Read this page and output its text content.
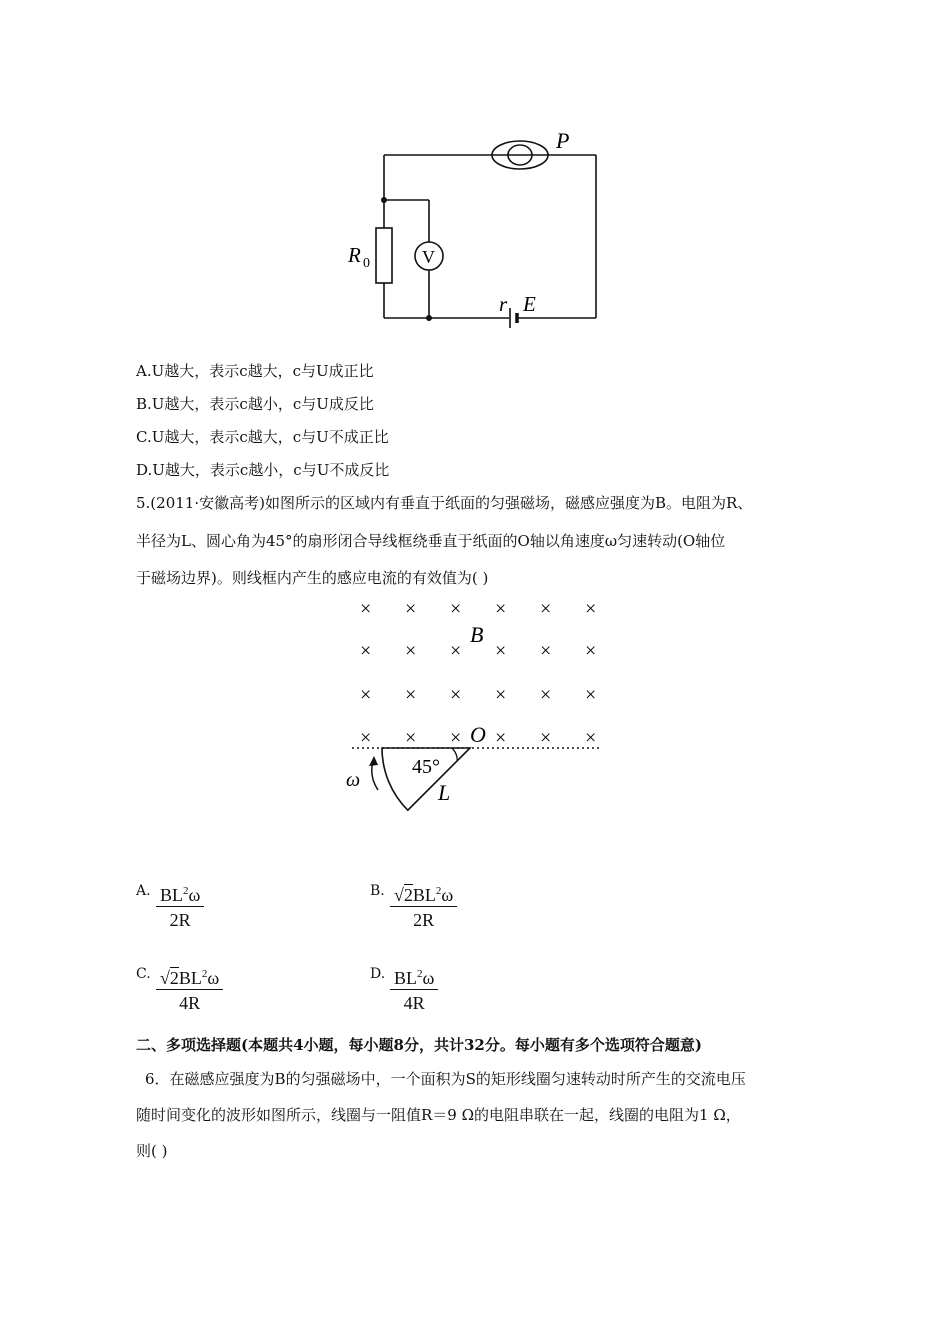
P
R 0	V
r E
A.U越大，表示c越大，c与U成正比
B.U越大，表示c越小，c与U成反比
C.U越大，表示c越大，c与U不成正比
D.U越大，表示c越小，c与U不成反比
5.(2011·安徽高考)如图所示的区域内有垂直于纸面的匀强磁场，磁感应强度为B。电阻为R、
半径为L、圆心角为45°的扇形闭合导线框绕垂直于纸面的O轴以角速度ω匀速转动(O轴位
于磁场边界)。则线框内产生的感应电流的有效值为( )
× × × × × ×
× × × × × ×
× × × × × ×
× × × × × ×
B
O
45°
ω	L
A. $\frac{BL^2\omega}{2R}$	B. $\frac{√2BL^2\omega}{2R}$
C. $\frac{√2BL^2\omega}{4R}$	D. $\frac{BL^2\omega}{4R}$
二、多项选择题(本题共4小题，每小题8分，共计32分。每小题有多个选项符合题意)
6．在磁感应强度为B的匀强磁场中，一个面积为S的矩形线圈匀速转动时所产生的交流电压
随时间变化的波形如图所示，线圈与一阻值R＝9 Ω的电阻串联在一起，线圈的电阻为1 Ω，
则( )
